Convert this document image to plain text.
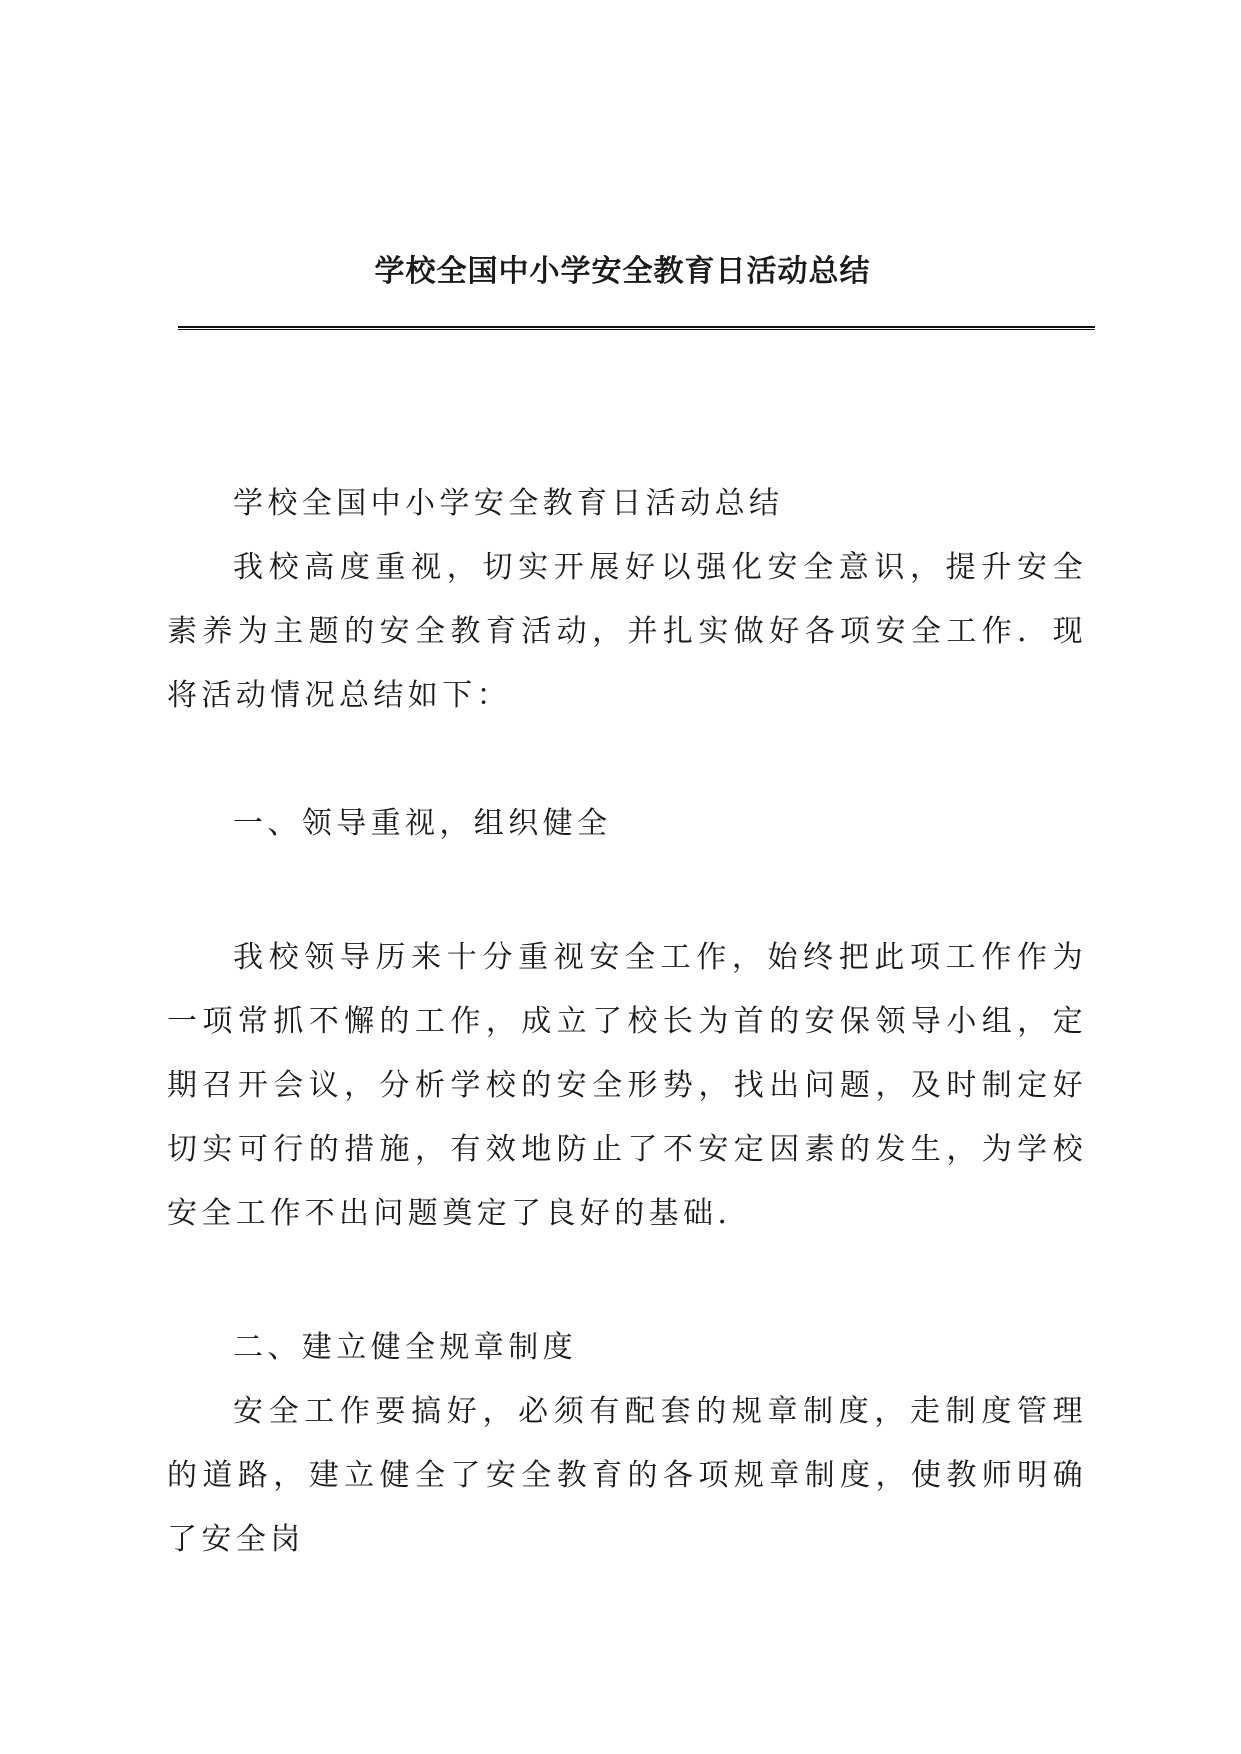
学校全国中小学安全教育日活动总结

学校全国中小学安全教育日活动总结

我校高度重视，切实开展好以强化安全意识，提升安全素养为主题的安全教育活动，并扎实做好各项安全工作．现将活动情况总结如下：

一、领导重视，组织健全

我校领导历来十分重视安全工作，始终把此项工作作为一项常抓不懈的工作，成立了校长为首的安保领导小组，定期召开会议，分析学校的安全形势，找出问题，及时制定好切实可行的措施，有效地防止了不安定因素的发生，为学校安全工作不出问题奠定了良好的基础.

二、建立健全规章制度

安全工作要搞好，必须有配套的规章制度，走制度管理的道路，建立健全了安全教育的各项规章制度，使教师明确了安全岗
